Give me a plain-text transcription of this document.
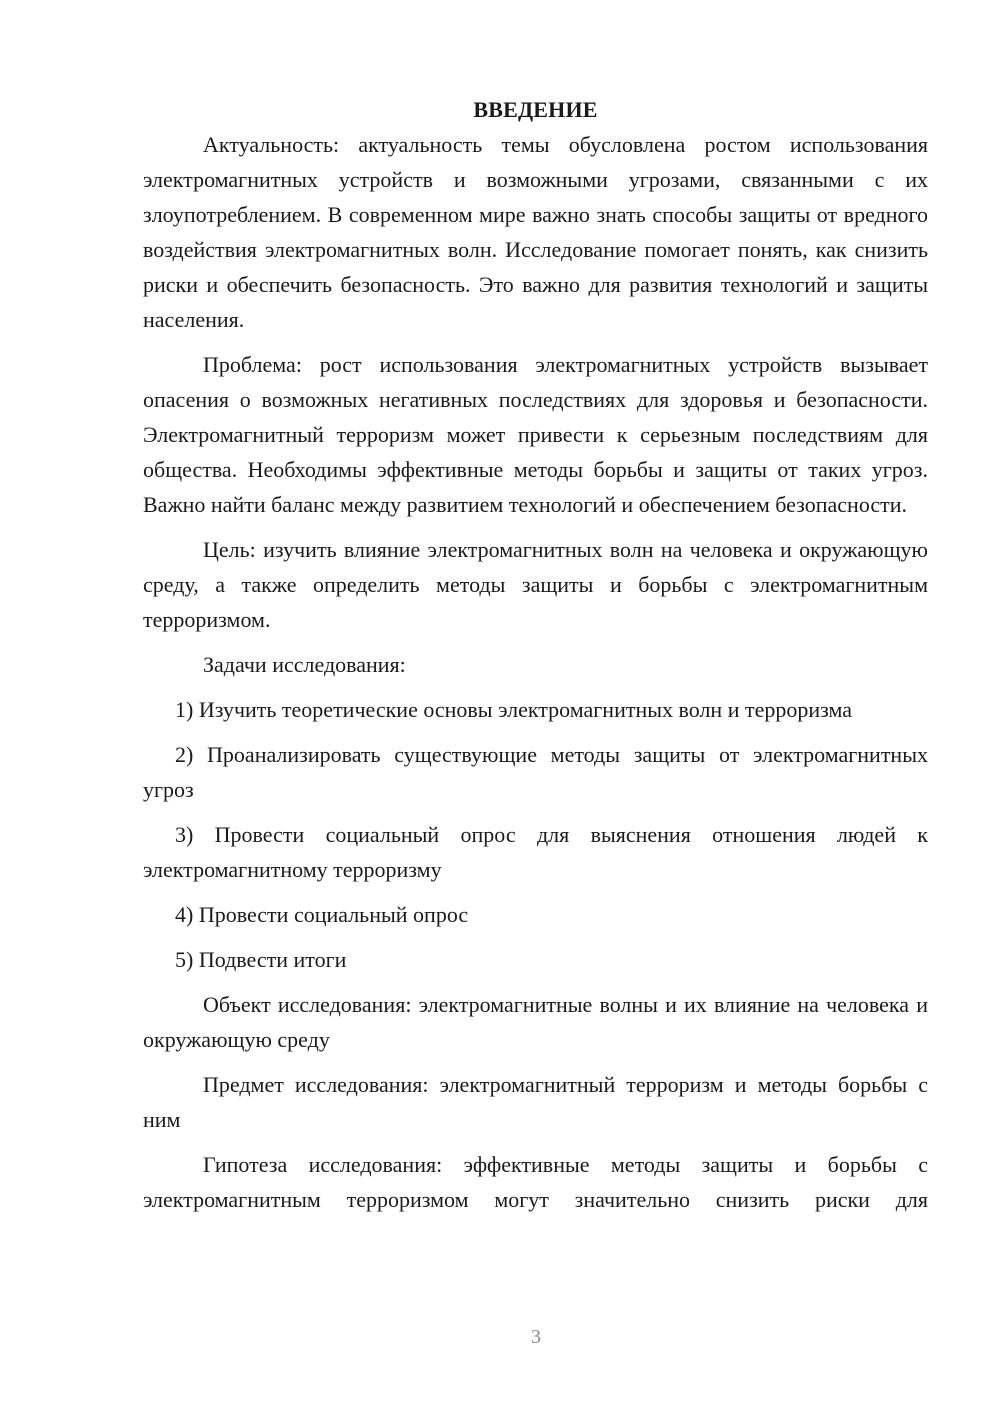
ВВЕДЕНИЕ
Актуальность: актуальность темы обусловлена ростом использования электромагнитных устройств и возможными угрозами, связанными с их злоупотреблением. В современном мире важно знать способы защиты от вредного воздействия электромагнитных волн. Исследование помогает понять, как снизить риски и обеспечить безопасность. Это важно для развития технологий и защиты населения.
Проблема: рост использования электромагнитных устройств вызывает опасения о возможных негативных последствиях для здоровья и безопасности. Электромагнитный терроризм может привести к серьезным последствиям для общества. Необходимы эффективные методы борьбы и защиты от таких угроз. Важно найти баланс между развитием технологий и обеспечением безопасности.
Цель: изучить влияние электромагнитных волн на человека и окружающую среду, а также определить методы защиты и борьбы с электромагнитным терроризмом.
Задачи исследования:
1) Изучить теоретические основы электромагнитных волн и терроризма
2) Проанализировать существующие методы защиты от электромагнитных угроз
3) Провести социальный опрос для выяснения отношения людей к электромагнитному терроризму
4) Провести социальный опрос
5) Подвести итоги
Объект исследования: электромагнитные волны и их влияние на человека и окружающую среду
Предмет исследования: электромагнитный терроризм и методы борьбы с ним
Гипотеза исследования: эффективные методы защиты и борьбы с электромагнитным терроризмом могут значительно снизить риски для
3
